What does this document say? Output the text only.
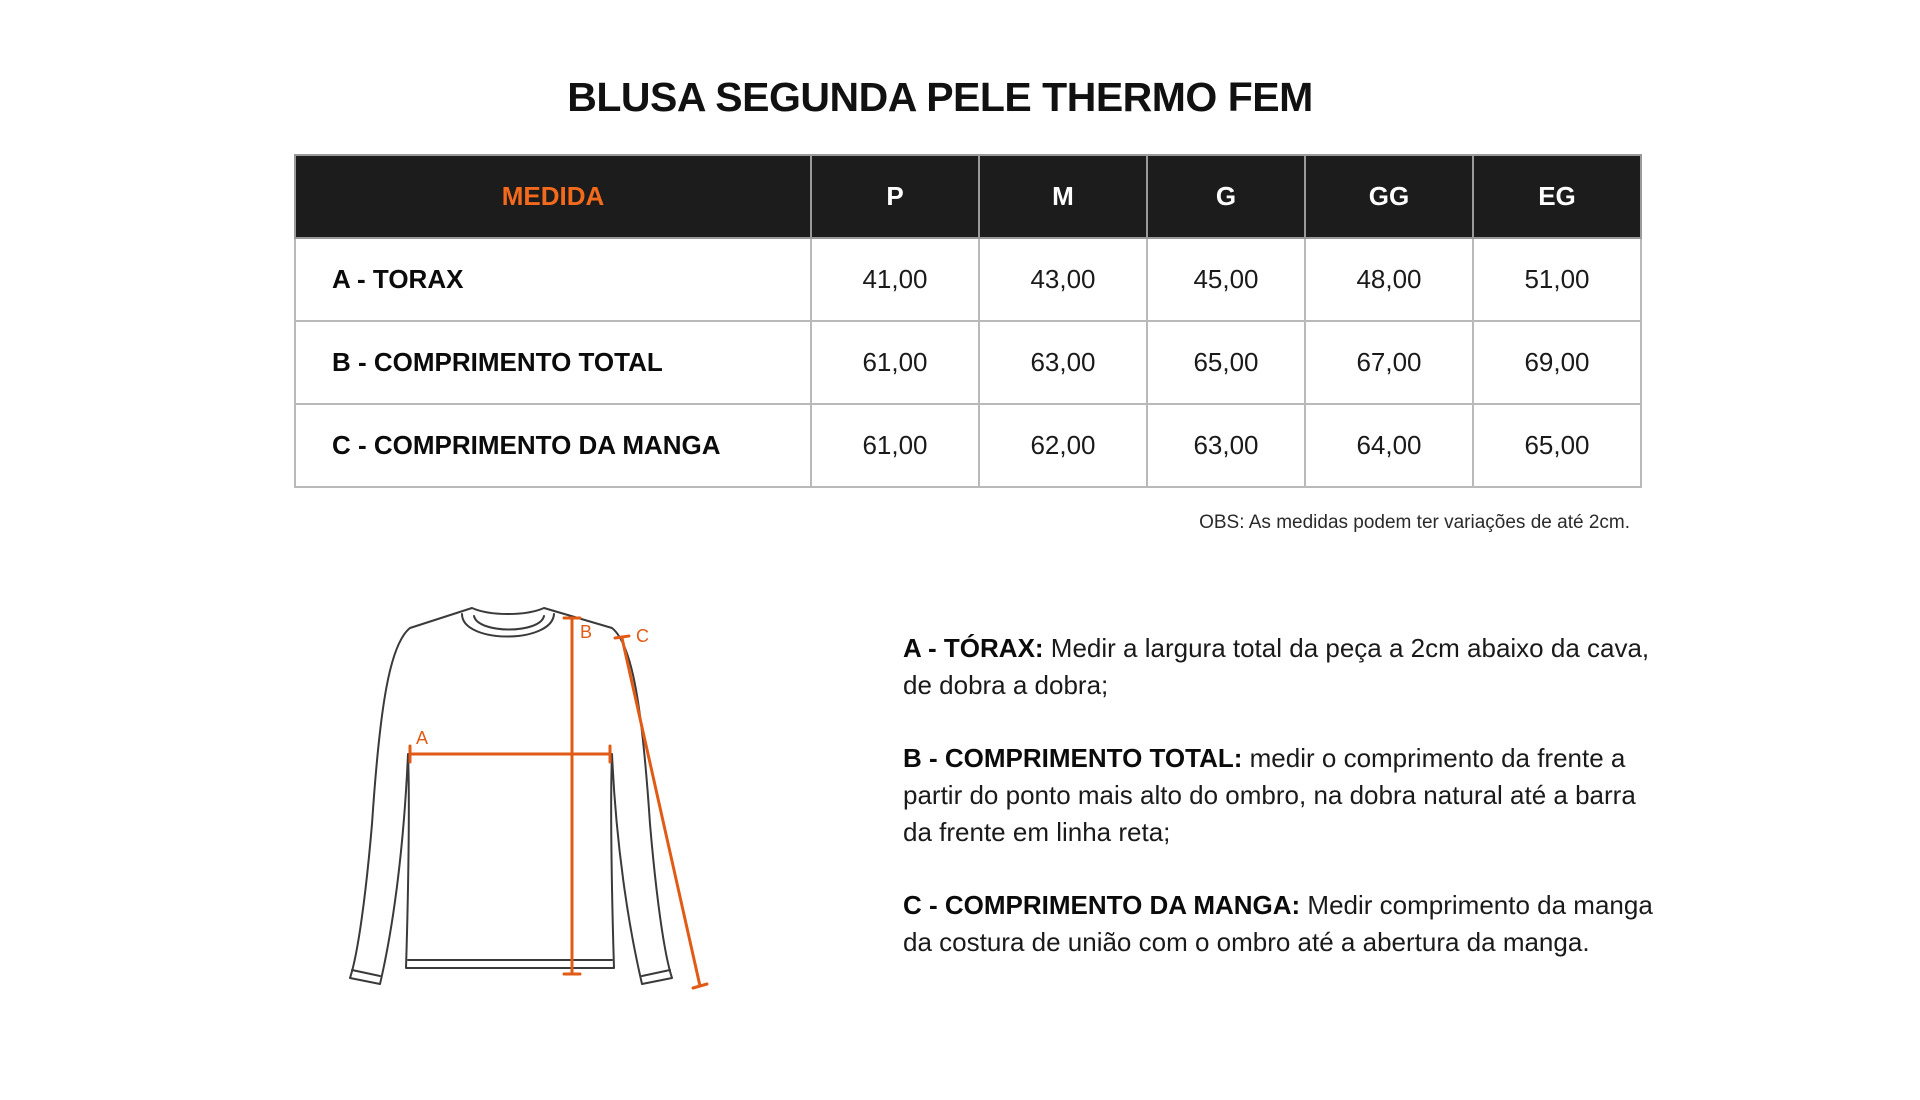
BLUSA SEGUNDA PELE THERMO FEM
MEDIDA	P	M	G	GG	EG
A - TORAX	41,00	43,00	45,00	48,00	51,00
B - COMPRIMENTO TOTAL	61,00	63,00	65,00	67,00	69,00
C - COMPRIMENTO DA MANGA	61,00	62,00	63,00	64,00	65,00
OBS: As medidas podem ter variações de até 2cm.
A
B C	A - TÓRAX: Medir a largura total da peça a 2cm abaixo da cava, de dobra a dobra;

B - COMPRIMENTO TOTAL: medir o comprimento da frente a partir do ponto mais alto do ombro, na dobra natural até a barra da frente em linha reta;

C - COMPRIMENTO DA MANGA: Medir comprimento da manga da costura de união com o ombro até a abertura da manga.
